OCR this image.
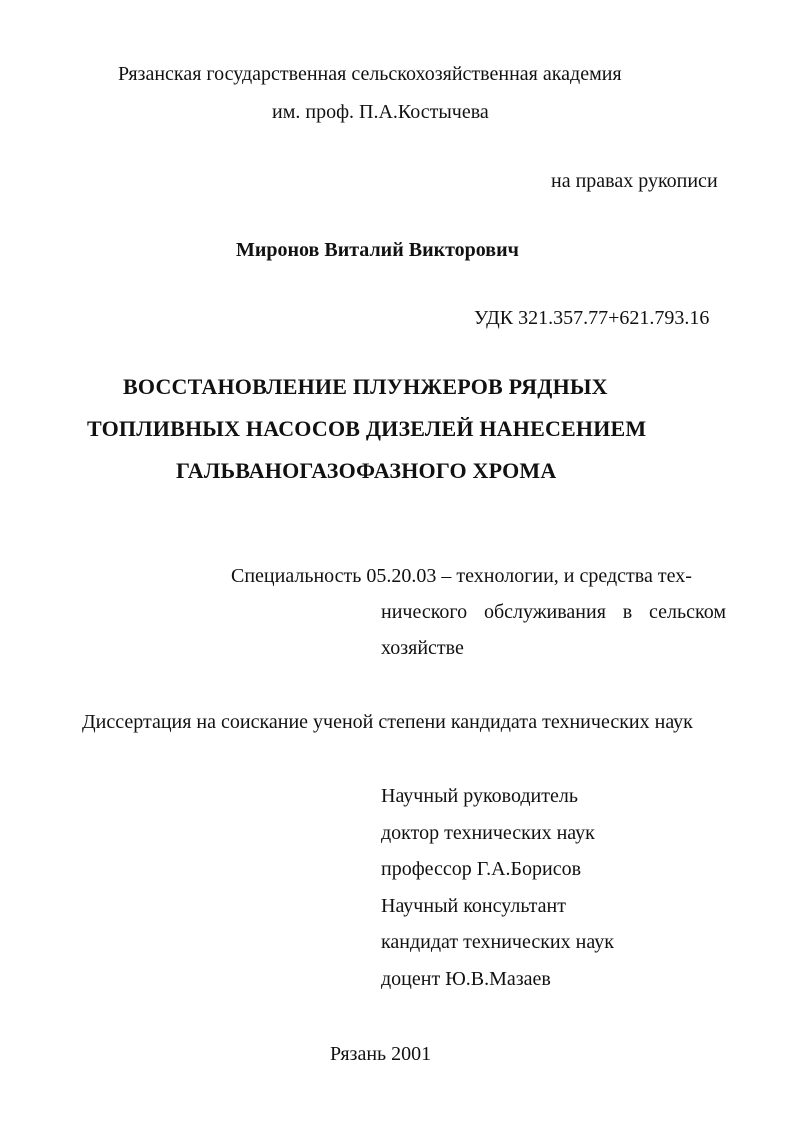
Рязанская государственная сельскохозяйственная академия
им. проф. П.А.Костычева
на правах рукописи
Миронов Виталий Викторович
УДК 321.357.77+621.793.16
ВОССТАНОВЛЕНИЕ ПЛУНЖЕРОВ РЯДНЫХ
ТОПЛИВНЫХ НАСОСОВ ДИЗЕЛЕЙ НАНЕСЕНИЕМ
ГАЛЬВАНОГАЗОФАЗНОГО ХРОМА
Специальность 05.20.03 – технологии, и средства тех-
нического обслуживания в сельском
хозяйстве
Диссертация на соискание ученой степени кандидата технических наук
Научный руководитель
доктор технических наук
профессор Г.А.Борисов
Научный консультант
кандидат технических наук
доцент Ю.В.Мазаев
Рязань 2001
